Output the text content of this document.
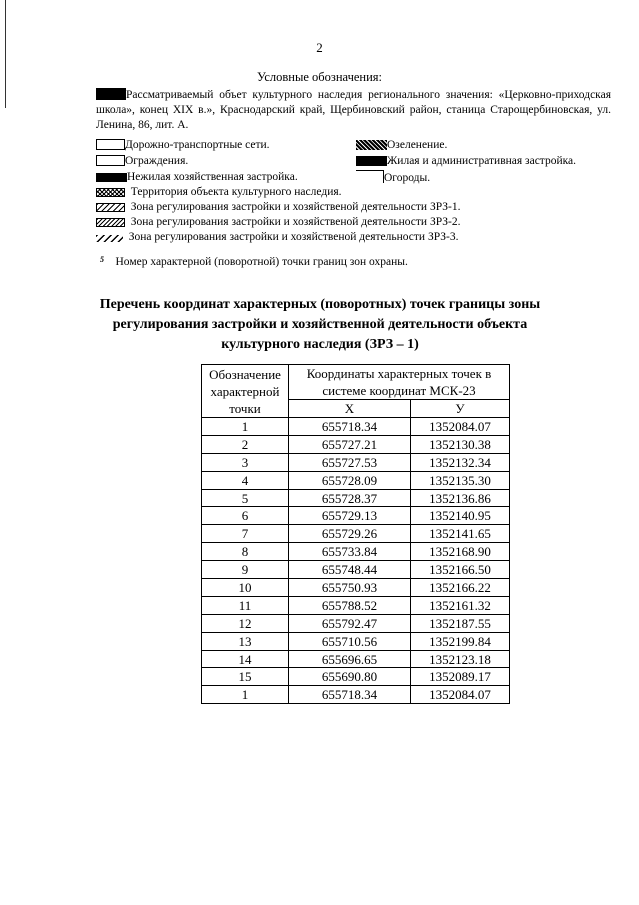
2
Условные обозначения:
Рассматриваемый объет культурного наследия регионального значения: «Церковно-приходская школа», конец XIX в.», Краснодарский край, Щербиновский район, станица Старощербиновская, ул. Ленина, 86, лит. А.
Дорожно-транспортные сети.	Озеленение.
Ограждения.	Жилая и административная застройка.
Нежилая хозяйственная застройка.	Огороды.
Территория объекта культурного наследия.
Зона регулирования застройки и хозяйственой деятельности ЗРЗ-1.
Зона регулирования застройки и хозяйственой деятельности ЗРЗ-2.
Зона регулирования застройки и хозяйственой деятельности ЗРЗ-3.
5 Номер характерной (поворотной) точки границ зон охраны.
Перечень координат характерных (поворотных) точек границы зоны регулирования застройки и хозяйственной деятельности объекта культурного наследия (ЗРЗ – 1)
Обозначение характерной точки	Координаты характерных точек в системе координат МСК-23	
	X	У
1	655718.34	1352084.07
2	655727.21	1352130.38
3	655727.53	1352132.34
4	655728.09	1352135.30
5	655728.37	1352136.86
6	655729.13	1352140.95
7	655729.26	1352141.65
8	655733.84	1352168.90
9	655748.44	1352166.50
10	655750.93	1352166.22
11	655788.52	1352161.32
12	655792.47	1352187.55
13	655710.56	1352199.84
14	655696.65	1352123.18
15	655690.80	1352089.17
1	655718.34	1352084.07
